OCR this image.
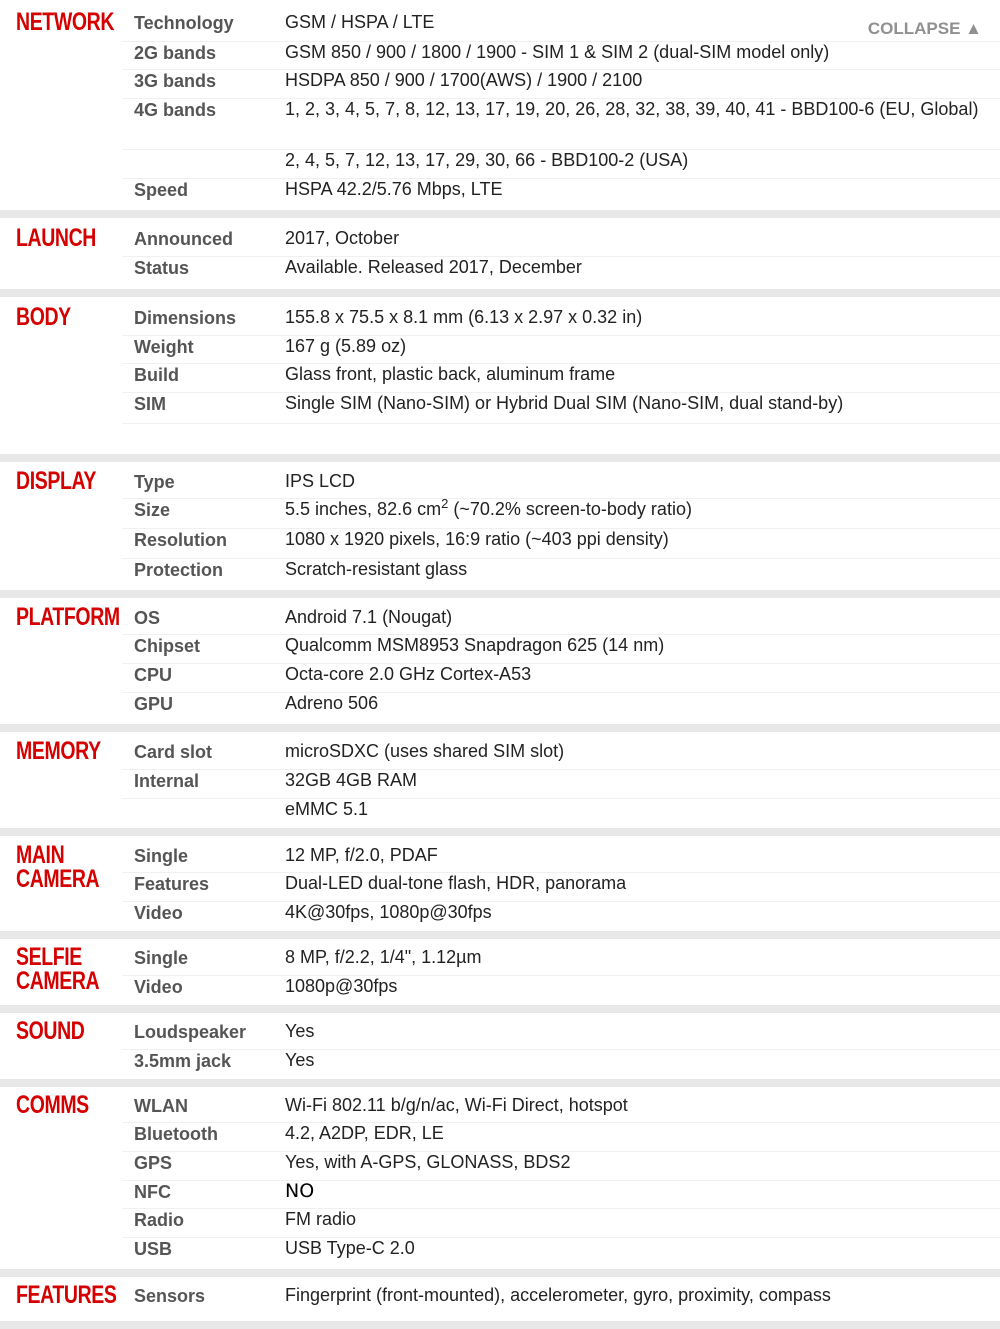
NETWORK Technology	GSM / HSPA / LTE
2G bands	GSM 850 / 900 / 1800 / 1900 - SIM 1 & SIM 2 (dual-SIM model only)
3G bands	HSDPA 850 / 900 / 1700(AWS) / 1900 / 2100
4G bands	1, 2, 3, 4, 5, 7, 8, 12, 13, 17, 19, 20, 26, 28, 32, 38, 39, 40, 41 - BBD100-6 (EU, Global)
2, 4, 5, 7, 12, 13, 17, 29, 30, 66 - BBD100-2 (USA)
Speed	HSPA 42.2/5.76 Mbps, LTE
LAUNCH	Announced	2017, October
Status	Available. Released 2017, December
BODY	Dimensions	155.8 x 75.5 x 8.1 mm (6.13 x 2.97 x 0.32 in)
Weight	167 g (5.89 oz)
Build	Glass front, plastic back, aluminum frame
SIM	Single SIM (Nano-SIM) or Hybrid Dual SIM (Nano-SIM, dual stand-by)
DISPLAY	Type	IPS LCD
Size	5.5 inches, 82.6 $cm^2$ (~70.2% screen-to-body ratio)
Resolution	1080 x 1920 pixels, 16:9 ratio (~403 ppi density)
Protection	Scratch-resistant glass
PLATFORM OS	Android 7.1 (Nougat)
Chipset	Qualcomm MSM8953 Snapdragon 625 (14 nm)
CPU	Octa-core 2.0 GHz Cortex-A53
GPU	Adreno 506
MEMORY Card slot	microSDXC (uses shared SIM slot)
Internal	32GB 4GB RAM
eMMC 5.1
MAIN
CAMERA
Single	12 MP, f/2.0, PDAF
Features	Dual-LED dual-tone flash, HDR, panorama
Video	4K@30fps, 1080p@30fps
SELFIE
CAMERA
Single	8 MP, f/2.2, 1/4", 1.12µm
Video	1080p@30fps
SOUND	Loudspeaker Yes
3.5mm jack	Yes
COMMS	WLAN	Wi-Fi 802.11 b/g/n/ac, Wi-Fi Direct, hotspot
Bluetooth	4.2, A2DP, EDR, LE
GPS	Yes, with A-GPS, GLONASS, BDS2
NFC	NO
Radio	FM radio
USB	USB Type-C 2.0
FEATURES Sensors	Fingerprint (front-mounted), accelerometer, gyro, proximity, compass
COLLAPSE ▲
